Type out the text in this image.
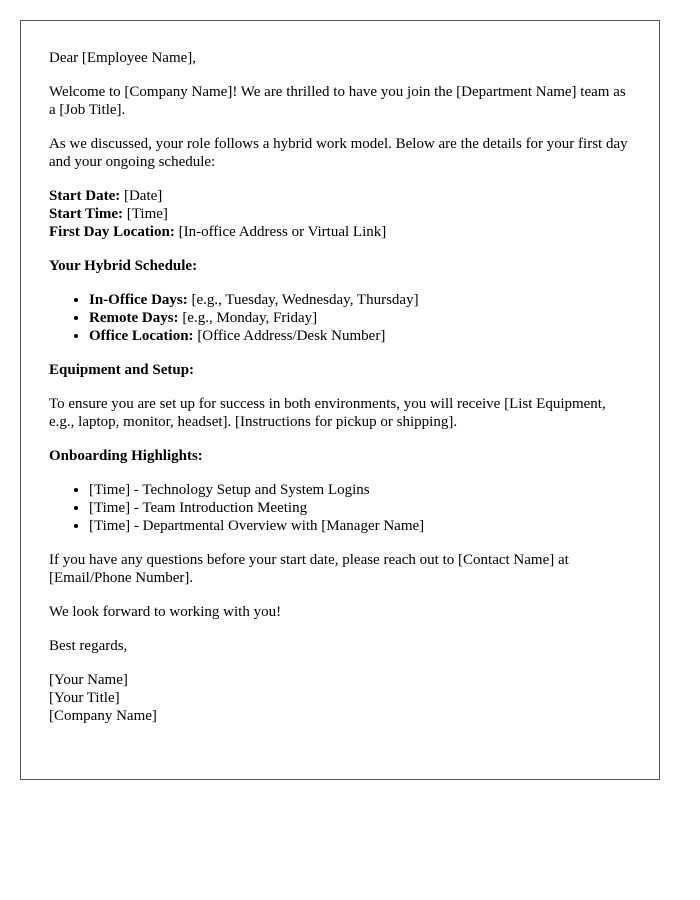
Dear [Employee Name],

Welcome to [Company Name]! We are thrilled to have you join the [Department Name] team as a [Job Title].

As we discussed, your role follows a hybrid work model. Below are the details for your first day and your ongoing schedule:

Start Date: [Date]
Start Time: [Time]
First Day Location: [In-office Address or Virtual Link]

Your Hybrid Schedule:

• In-Office Days: [e.g., Tuesday, Wednesday, Thursday]
• Remote Days: [e.g., Monday, Friday]
• Office Location: [Office Address/Desk Number]

Equipment and Setup:

To ensure you are set up for success in both environments, you will receive [List Equipment, e.g., laptop, monitor, headset]. [Instructions for pickup or shipping].

Onboarding Highlights:

• [Time] - Technology Setup and System Logins
• [Time] - Team Introduction Meeting
• [Time] - Departmental Overview with [Manager Name]

If you have any questions before your start date, please reach out to [Contact Name] at [Email/Phone Number].

We look forward to working with you!

Best regards,

[Your Name]
[Your Title]
[Company Name]
